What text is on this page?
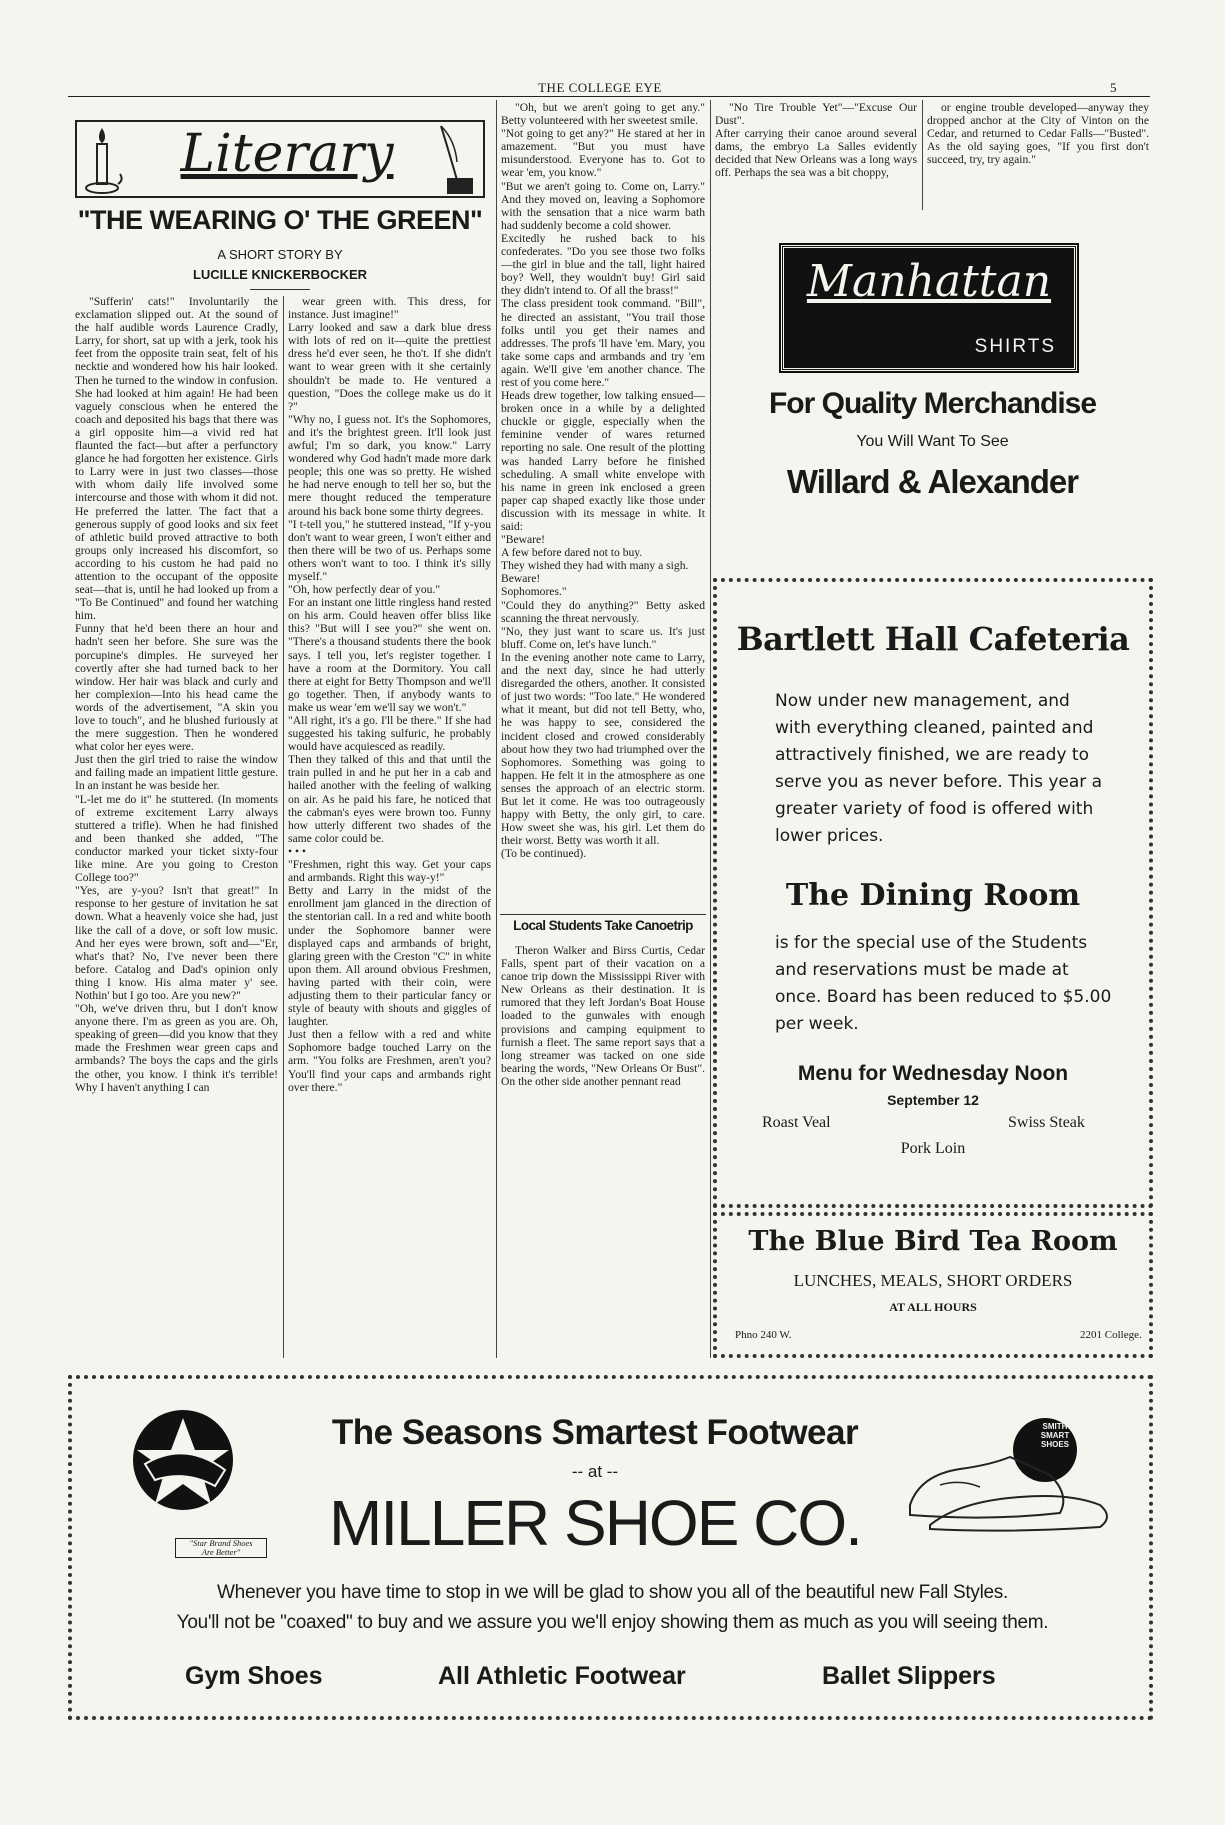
THE COLLEGE EYE	5
Literary
"THE WEARING O' THE GREEN"
A SHORT STORY BY
LUCILLE KNICKERBOCKER

"Sufferin' cats!" Involuntarily the exclamation slipped out. At the sound of the half audible words Laurence Cradly, Larry, for short, sat up with a jerk, took his feet from the opposite train seat, felt of his necktie and wondered how his hair looked. Then he turned to the window in confusion. She had looked at him again! He had been vaguely conscious when he entered the coach and deposited his bags that there was a girl opposite him—a vivid red hat flaunted the fact—but after a perfunctory glance he had forgotten her existence. Girls to Larry were in just two classes—those with whom daily life involved some intercourse and those with whom it did not. He preferred the latter. The fact that a generous supply of good looks and six feet of athletic build proved attractive to both groups only increased his discomfort, so according to his custom he had paid no attention to the occupant of the opposite seat—that is, until he had looked up from a "To Be Continued" and found her watching him.
Funny that he'd been there an hour and hadn't seen her before. She sure was the porcupine's dimples. He surveyed her covertly after she had turned back to her window. Her hair was black and curly and her complexion—Into his head came the words of the advertisement, "A skin you love to touch", and he blushed furiously at the mere suggestion. Then he wondered what color her eyes were.
Just then the girl tried to raise the window and failing made an impatient little gesture. In an instant he was beside her.
"L-let me do it" he stuttered. (In moments of extreme excitement Larry always stuttered a trifle). When he had finished and been thanked she added, "The conductor marked your ticket sixty-four like mine. Are you going to Creston College too?"
"Yes, are y-you? Isn't that great!" In response to her gesture of invitation he sat down. What a heavenly voice she had, just like the call of a dove, or soft low music. And her eyes were brown, soft and—"Er, what's that? No, I've never been there before. Catalog and Dad's opinion only thing I know. His alma mater y' see. Nothin' but I go too. Are you new?"
"Oh, we've driven thru, but I don't know anyone there. I'm as green as you are. Oh, speaking of green—did you know that they made the Freshmen wear green caps and armbands? The boys the caps and the girls the other, you know. I think it's terrible! Why I haven't anything I can

wear green with. This dress, for instance. Just imagine!"
Larry looked and saw a dark blue dress with lots of red on it—quite the prettiest dress he'd ever seen, he tho't. If she didn't want to wear green with it she certainly shouldn't be made to. He ventured a question, "Does the college make us do it ?"
"Why no, I guess not. It's the Sophomores, and it's the brightest green. It'll look just awful; I'm so dark, you know." Larry wondered why God hadn't made more dark people; this one was so pretty. He wished he had nerve enough to tell her so, but the mere thought reduced the temperature around his back bone some thirty degrees.
"I t-tell you," he stuttered instead, "If y-you don't want to wear green, I won't either and then there will be two of us. Perhaps some others won't want to too. I think it's silly myself."
"Oh, how perfectly dear of you."
For an instant one little ringless hand rested on his arm. Could heaven offer bliss like this? "But will I see you?" she went on. "There's a thousand students there the book says. I tell you, let's register together. I have a room at the Dormitory. You call there at eight for Betty Thompson and we'll go together. Then, if anybody wants to make us wear 'em we'll say we won't."
"All right, it's a go. I'll be there." If she had suggested his taking sulfuric, he probably would have acquiesced as readily.
Then they talked of this and that until the train pulled in and he put her in a cab and hailed another with the feeling of walking on air. As he paid his fare, he noticed that the cabman's eyes were brown too. Funny how utterly different two shades of the same color could be.
• • •
"Freshmen, right this way. Get your caps and armbands. Right this way-y!"
Betty and Larry in the midst of the enrollment jam glanced in the direction of the stentorian call. In a red and white booth under the Sophomore banner were displayed caps and armbands of bright, glaring green with the Creston "C" in white upon them. All around obvious Freshmen, having parted with their coin, were adjusting them to their particular fancy or style of beauty with shouts and giggles of laughter.
Just then a fellow with a red and white Sophomore badge touched Larry on the arm. "You folks are Freshmen, aren't you? You'll find your caps and armbands right over there."

"Oh, but we aren't going to get any." Betty volunteered with her sweetest smile.
"Not going to get any?" He stared at her in amazement. "But you must have misunderstood. Everyone has to. Got to wear 'em, you know."
"But we aren't going to. Come on, Larry." And they moved on, leaving a Sophomore with the sensation that a nice warm bath had suddenly become a cold shower.
Excitedly he rushed back to his confederates. "Do you see those two folks—the girl in blue and the tall, light haired boy? Well, they wouldn't buy! Girl said they didn't intend to. Of all the brass!"
The class president took command. "Bill", he directed an assistant, "You trail those folks until you get their names and addresses. The profs 'll have 'em. Mary, you take some caps and armbands and try 'em again. We'll give 'em another chance. The rest of you come here."
Heads drew together, low talking ensued—broken once in a while by a delighted chuckle or giggle, especially when the feminine vender of wares returned reporting no sale. One result of the plotting was handed Larry before he finished scheduling. A small white envelope with his name in green ink enclosed a green paper cap shaped exactly like those under discussion with its message in white. It said:
"Beware!
A few before dared not to buy.
They wished they had with many a sigh.
Beware!
Sophomores."
"Could they do anything?" Betty asked scanning the threat nervously.
"No, they just want to scare us. It's just bluff. Come on, let's have lunch."
In the evening another note came to Larry, and the next day, since he had utterly disregarded the others, another. It consisted of just two words: "Too late." He wondered what it meant, but did not tell Betty, who, he was happy to see, considered the incident closed and crowed considerably about how they two had triumphed over the Sophomores. Something was going to happen. He felt it in the atmosphere as one senses the approach of an electric storm. But let it come. He was too outrageously happy with Betty, the only girl, to care. How sweet she was, his girl. Let them do their worst. Betty was worth it all.
(To be continued).

Local Students Take Canoetrip

Theron Walker and Birss Curtis, Cedar Falls, spent part of their vacation on a canoe trip down the Mississippi River with New Orleans as their destination. It is rumored that they left Jordan's Boat House loaded to the gunwales with enough provisions and camping equipment to furnish a fleet. The same report says that a long streamer was tacked on one side bearing the words, "New Orleans Or Bust". On the other side another pennant read

"No Tire Trouble Yet"—"Excuse Our Dust".
After carrying their canoe around several dams, the embryo La Salles evidently decided that New Orleans was a long ways off. Perhaps the sea was a bit choppy,

or engine trouble developed—anyway they dropped anchor at the City of Vinton on the Cedar, and returned to Cedar Falls—"Busted". As the old saying goes, "If you first don't succeed, try, try again."

Manhattan
SHIRTS
For Quality Merchandise
You Will Want To See
Willard & Alexander
Bartlett Hall Cafeteria
Now under new management, and with everything cleaned, painted and attractively finished, we are ready to serve you as never before. This year a greater variety of food is offered with lower prices.
The Dining Room
is for the special use of the Students and reservations must be made at once. Board has been reduced to $5.00 per week.
Menu for Wednesday Noon
September 12
Roast Veal	Swiss Steak
Pork Loin
The Blue Bird Tea Room
LUNCHES, MEALS, SHORT ORDERS
AT ALL HOURS
Phno 240 W.	2201 College.
"Star Brand Shoes
Are Better"
The Seasons Smartest Footwear
-- at --
MILLER SHOE CO.
SMITH
SMART
SHOES
Whenever you have time to stop in we will be glad to show you all of the beautiful new Fall Styles.
You'll not be "coaxed" to buy and we assure you we'll enjoy showing them as much as you will seeing them.
Gym Shoes	All Athletic Footwear	Ballet Slippers
